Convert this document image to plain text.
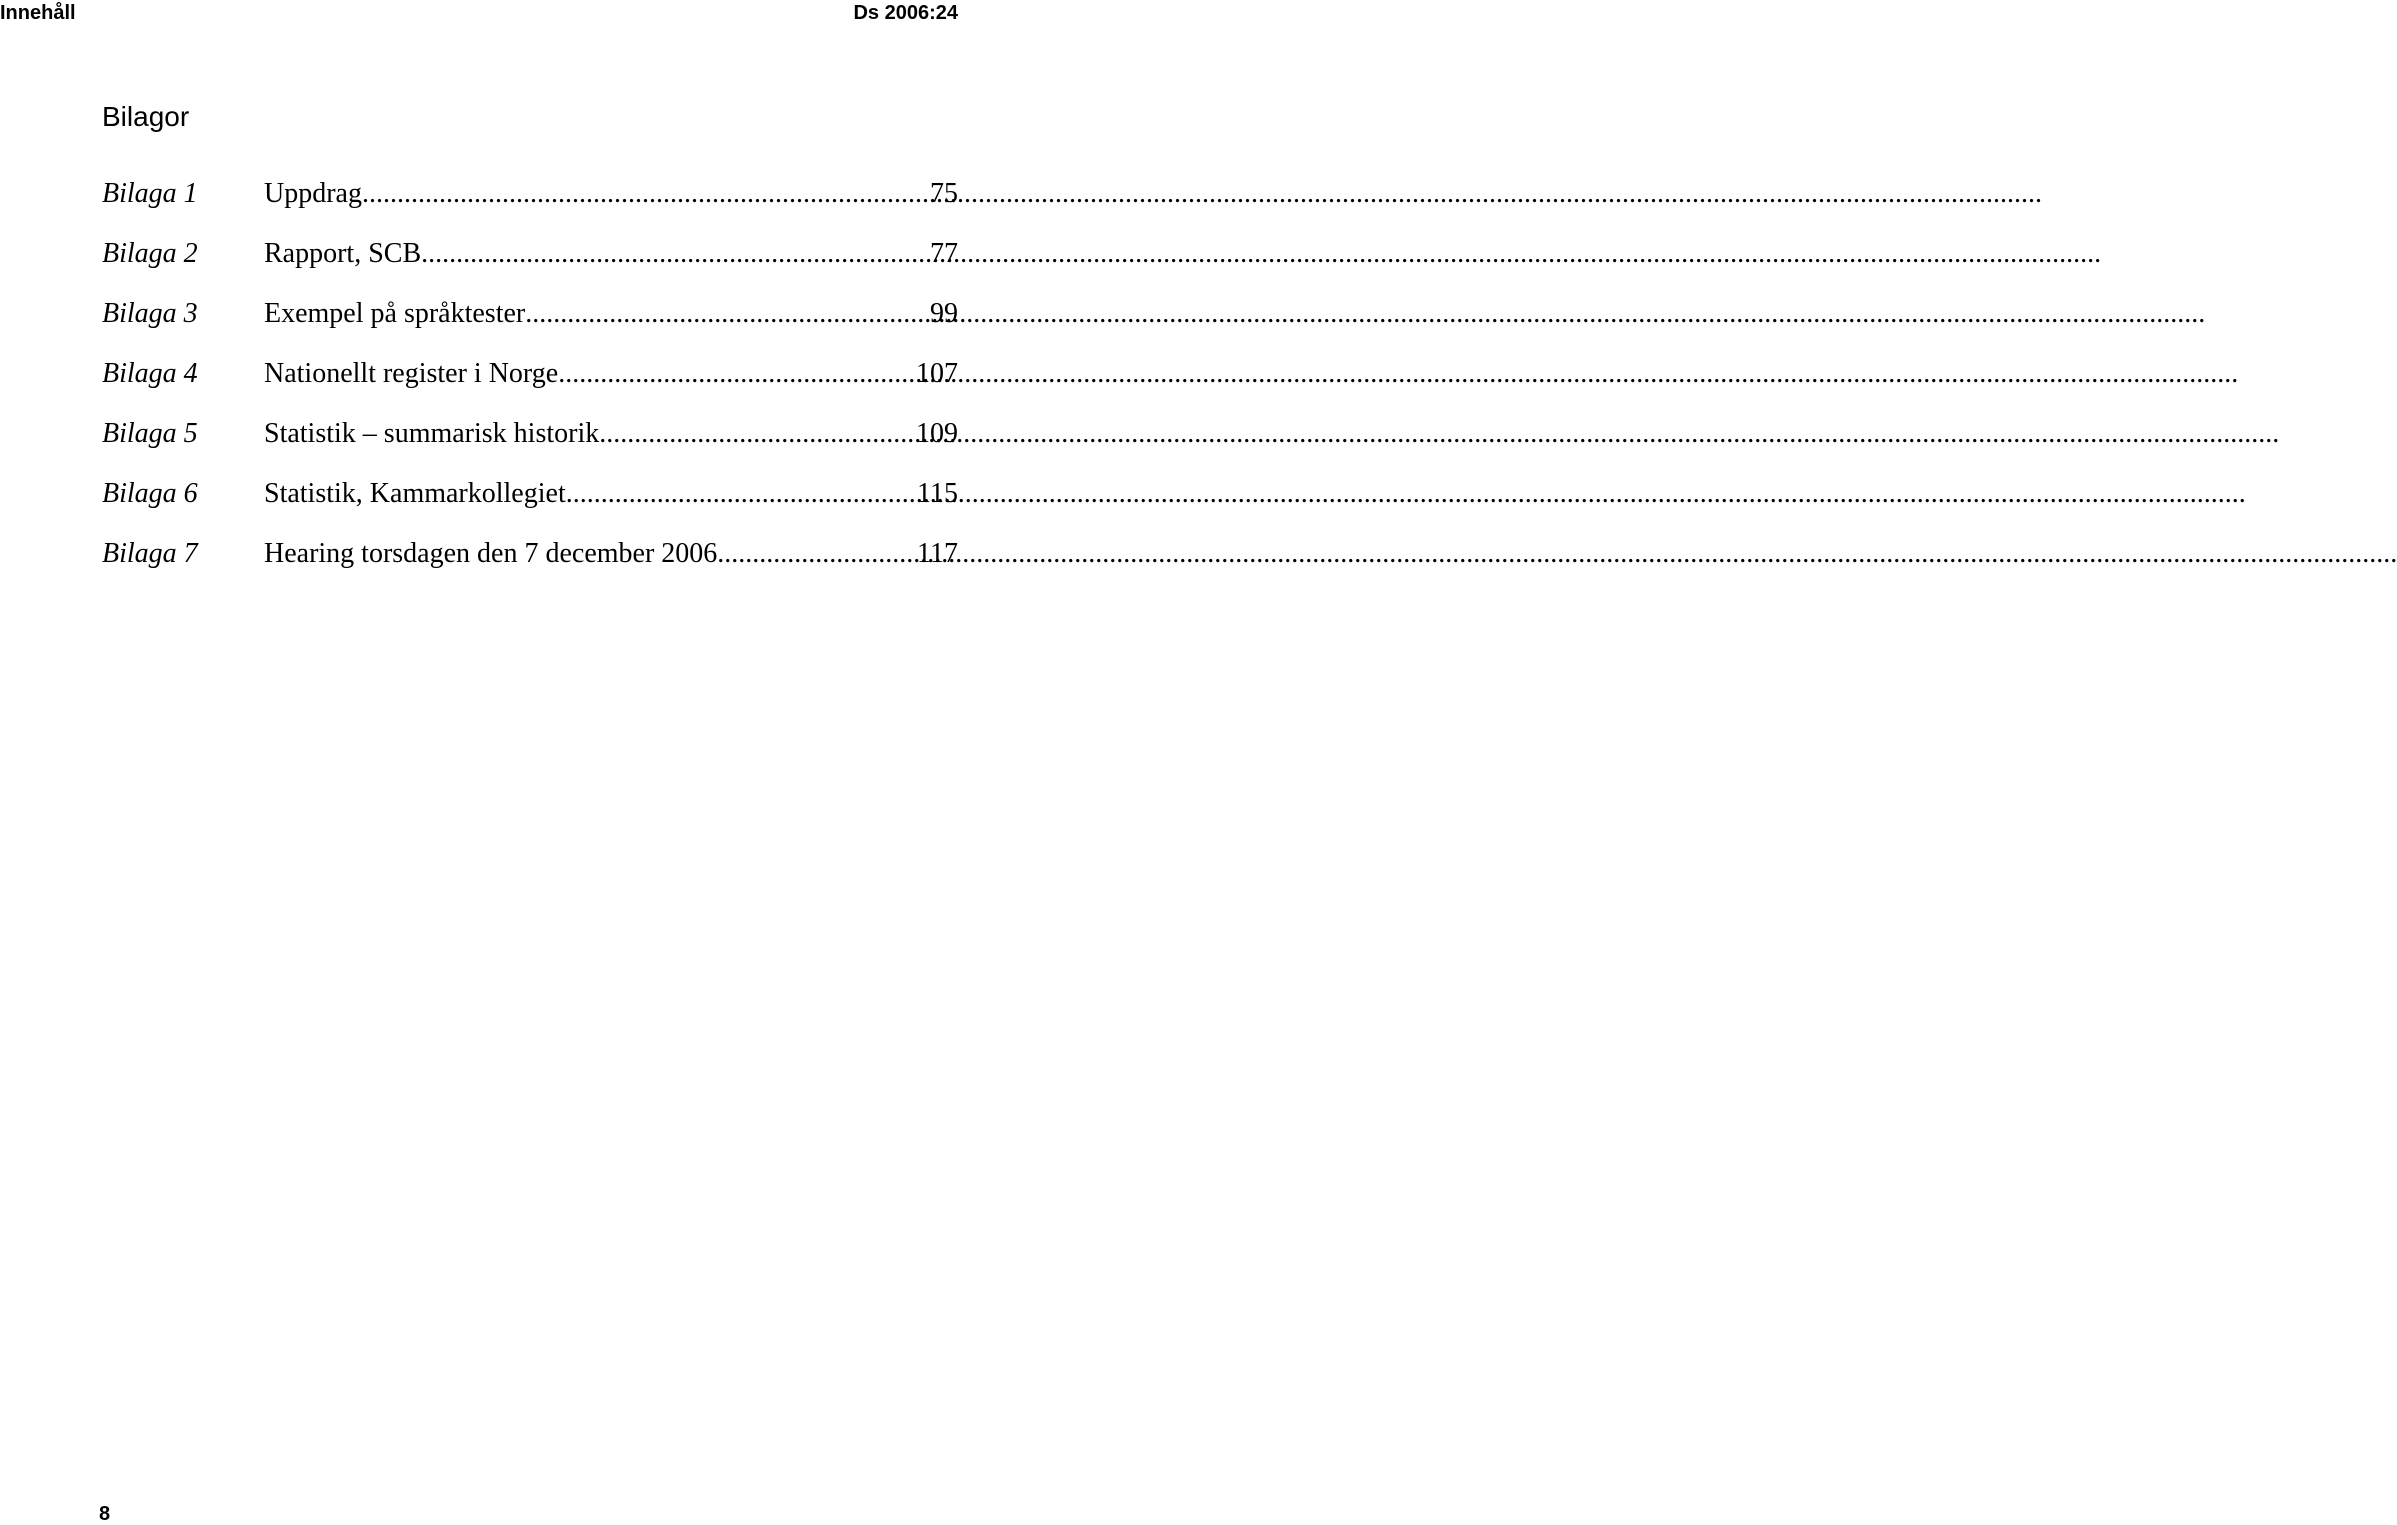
Innehåll	Ds 2006:24
Bilagor
Bilaga 1	Uppdrag .....	75
Bilaga 2	Rapport, SCB .....	77
Bilaga 3	Exempel på språktester .....	99
Bilaga 4	Nationellt register i Norge .....	107
Bilaga 5	Statistik – summarisk historik .....	109
Bilaga 6	Statistik, Kammarkollegiet .....	115
Bilaga 7	Hearing torsdagen den 7 december 2006 .....	117
8
